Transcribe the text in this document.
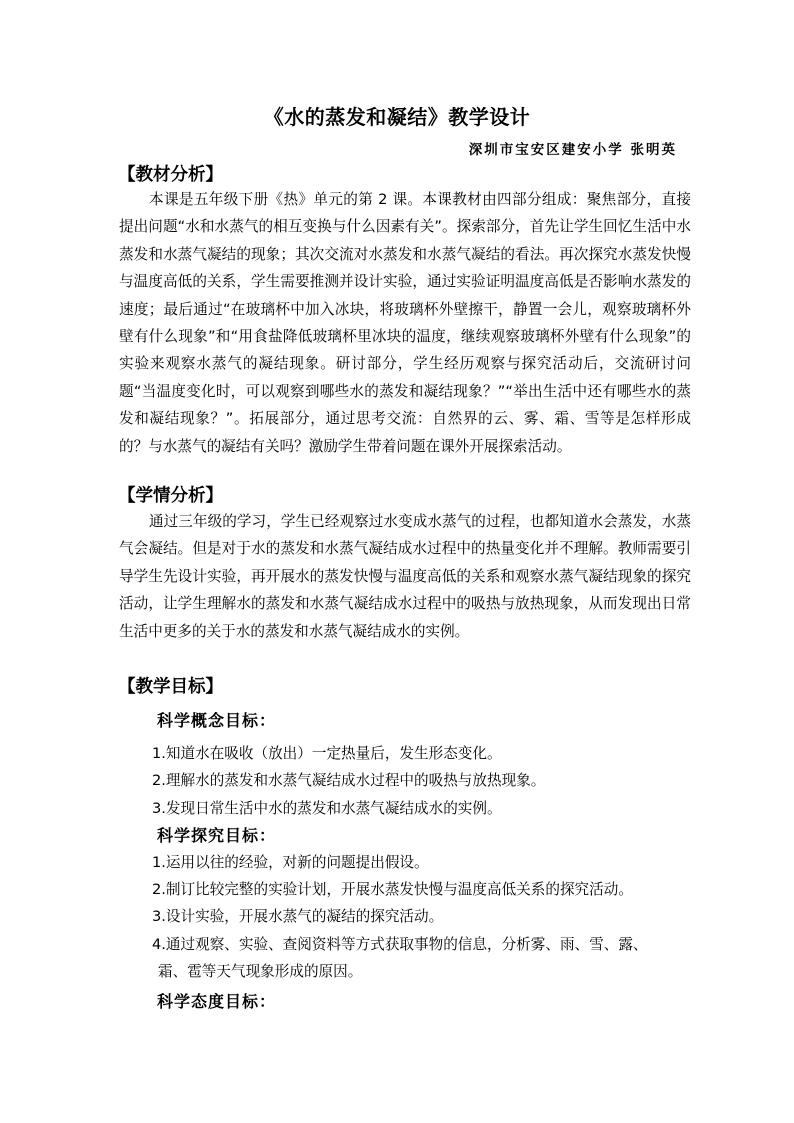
《水的蒸发和凝结》教学设计
深圳市宝安区建安小学 张明英
【教材分析】

本课是五年级下册《热》单元的第 2 课。本课教材由四部分组成：聚焦部分，直接提出问题“水和水蒸气的相互变换与什么因素有关”。探索部分，首先让学生回忆生活中水蒸发和水蒸气凝结的现象；其次交流对水蒸发和水蒸气凝结的看法。再次探究水蒸发快慢与温度高低的关系，学生需要推测并设计实验，通过实验证明温度高低是否影响水蒸发的速度；最后通过“在玻璃杯中加入冰块，将玻璃杯外壁擦干，静置一会儿，观察玻璃杯外壁有什么现象”和“用食盐降低玻璃杯里冰块的温度，继续观察玻璃杯外壁有什么现象”的实验来观察水蒸气的凝结现象。研讨部分，学生经历观察与探究活动后，交流研讨问题“当温度变化时，可以观察到哪些水的蒸发和凝结现象？”“举出生活中还有哪些水的蒸发和凝结现象？”。拓展部分，通过思考交流：自然界的云、雾、霜、雪等是怎样形成的？与水蒸气的凝结有关吗？激励学生带着问题在课外开展探索活动。

【学情分析】

通过三年级的学习，学生已经观察过水变成水蒸气的过程，也都知道水会蒸发，水蒸气会凝结。但是对于水的蒸发和水蒸气凝结成水过程中的热量变化并不理解。教师需要引导学生先设计实验，再开展水的蒸发快慢与温度高低的关系和观察水蒸气凝结现象的探究活动，让学生理解水的蒸发和水蒸气凝结成水过程中的吸热与放热现象，从而发现出日常生活中更多的关于水的蒸发和水蒸气凝结成水的实例。

【教学目标】
科学概念目标：
1.知道水在吸收（放出）一定热量后，发生形态变化。
2.理解水的蒸发和水蒸气凝结成水过程中的吸热与放热现象。
3.发现日常生活中水的蒸发和水蒸气凝结成水的实例。
科学探究目标：
1.运用以往的经验，对新的问题提出假设。
2.制订比较完整的实验计划，开展水蒸发快慢与温度高低关系的探究活动。
3.设计实验，开展水蒸气的凝结的探究活动。
4.通过观察、实验、查阅资料等方式获取事物的信息，分析雾、雨、雪、露、
霜、雹等天气现象形成的原因。
科学态度目标：
